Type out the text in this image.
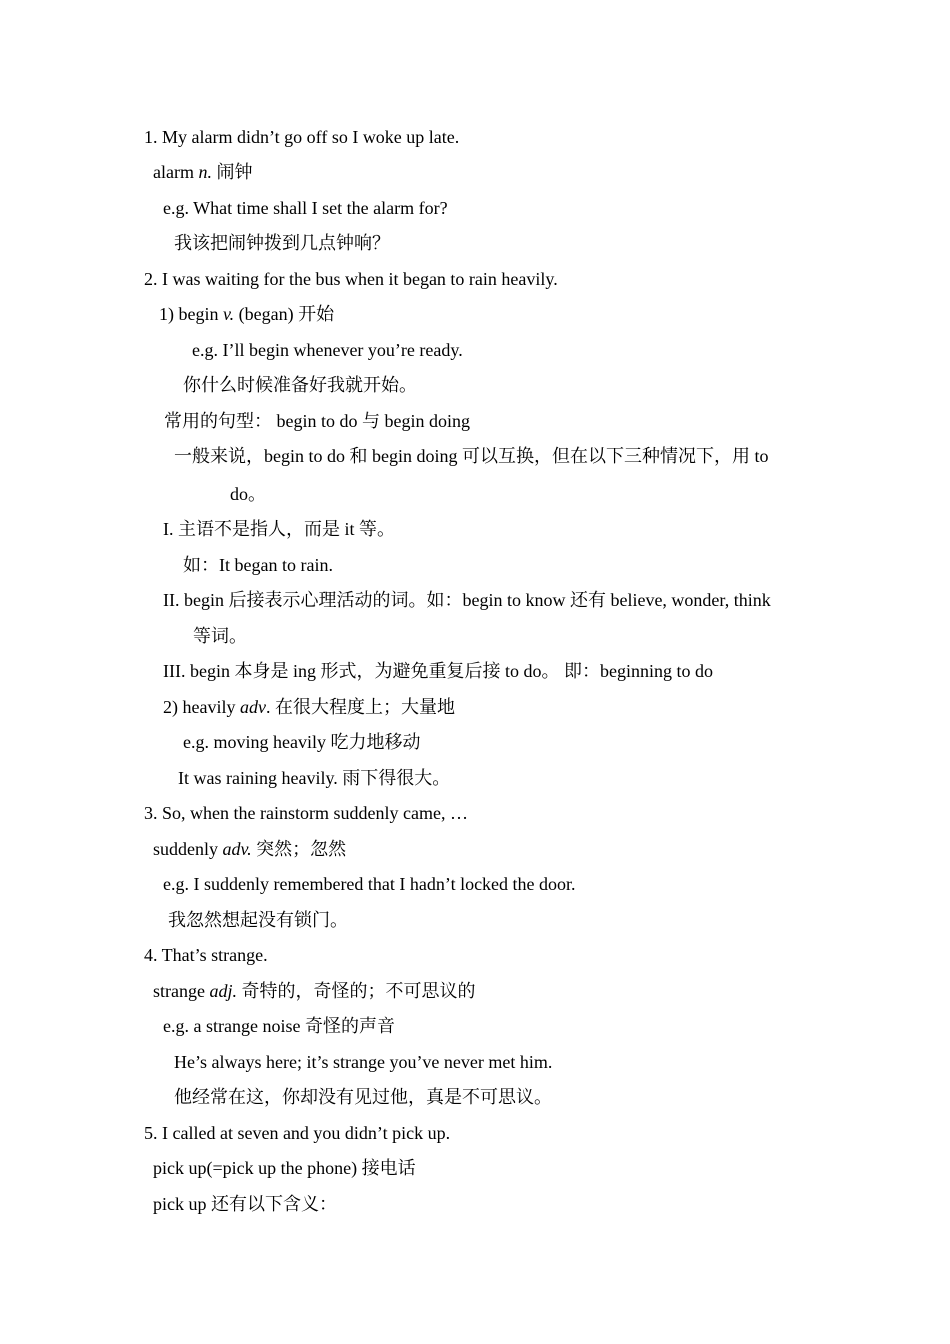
1. My alarm didn’t go off so I woke up late.
alarm n. 闹钟
e.g. What time shall I set the alarm for?
我该把闹钟拨到几点钟响？
2. I was waiting for the bus when it began to rain heavily.
1) begin v. (began) 开始
e.g. I’ll begin whenever you’re ready.
你什么时候准备好我就开始。
常用的句型： begin to do 与 begin doing
一般来说，begin to do 和 begin doing 可以互换，但在以下三种情况下，用 to
do。
I. 主语不是指人，而是 it 等。
如：It began to rain.
II. begin 后接表示心理活动的词。如：begin to know 还有 believe, wonder, think
等词。
III. begin 本身是 ing 形式，为避免重复后接 to do。 即：beginning to do
2) heavily adv. 在很大程度上；大量地
e.g. moving heavily 吃力地移动
It was raining heavily. 雨下得很大。
3. So, when the rainstorm suddenly came, …
suddenly adv. 突然；忽然
e.g. I suddenly remembered that I hadn’t locked the door.
我忽然想起没有锁门。
4. That’s strange.
strange adj. 奇特的，奇怪的；不可思议的
e.g. a strange noise 奇怪的声音
He’s always here; it’s strange you’ve never met him.
他经常在这，你却没有见过他，真是不可思议。
5. I called at seven and you didn’t pick up.
pick up(=pick up the phone) 接电话
pick up 还有以下含义：
